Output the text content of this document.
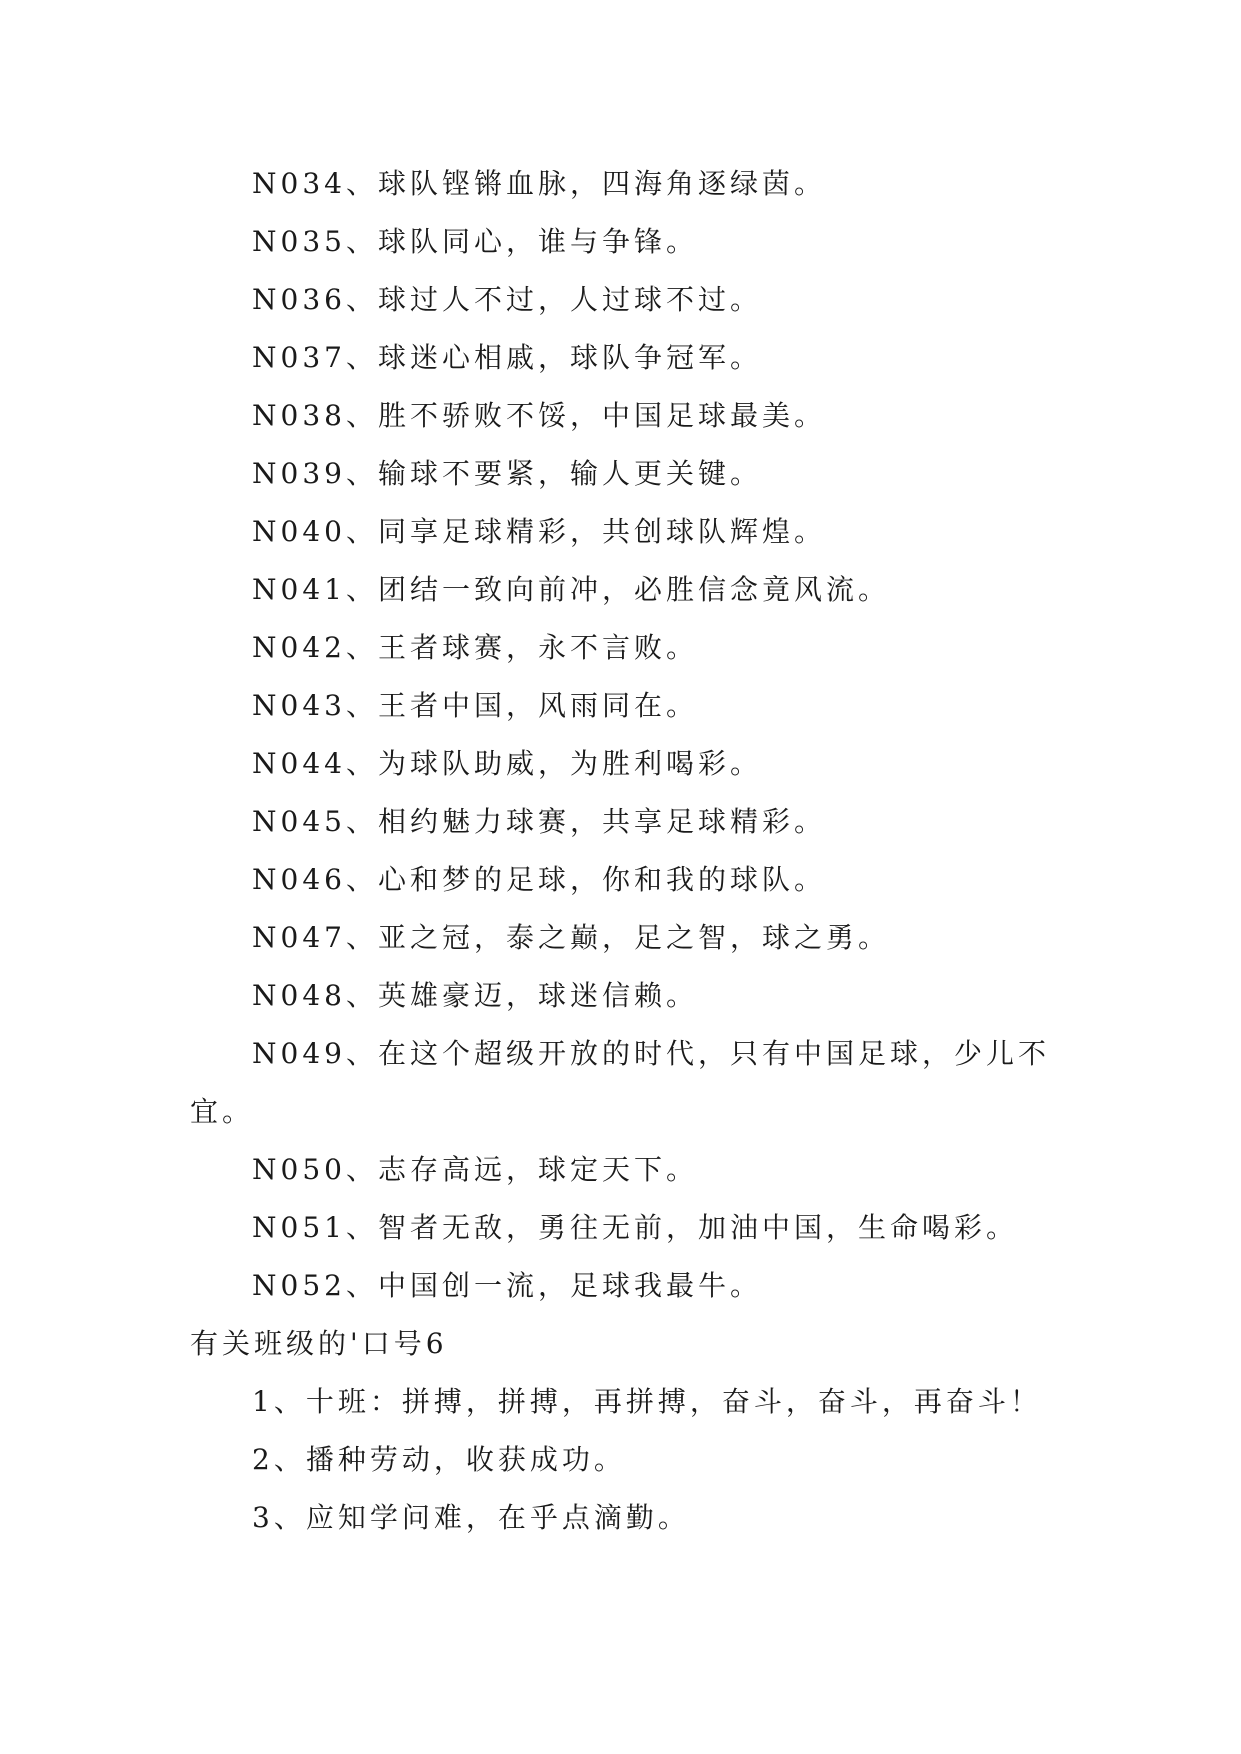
N034、球队铿锵血脉，四海角逐绿茵。
N035、球队同心，谁与争锋。
N036、球过人不过，人过球不过。
N037、球迷心相戚，球队争冠军。
N038、胜不骄败不馁，中国足球最美。
N039、输球不要紧，输人更关键。
N040、同享足球精彩，共创球队辉煌。
N041、团结一致向前冲，必胜信念竟风流。
N042、王者球赛，永不言败。
N043、王者中国，风雨同在。
N044、为球队助威，为胜利喝彩。
N045、相约魅力球赛，共享足球精彩。
N046、心和梦的足球，你和我的球队。
N047、亚之冠，泰之巅，足之智，球之勇。
N048、英雄豪迈，球迷信赖。
N049、在这个超级开放的时代，只有中国足球，少儿不
宜。
N050、志存高远，球定天下。
N051、智者无敌，勇往无前，加油中国，生命喝彩。
N052、中国创一流，足球我最牛。
有关班级的'口号6
1、十班：拼搏，拼搏，再拼搏，奋斗，奋斗，再奋斗！
2、播种劳动，收获成功。
3、应知学问难，在乎点滴勤。
